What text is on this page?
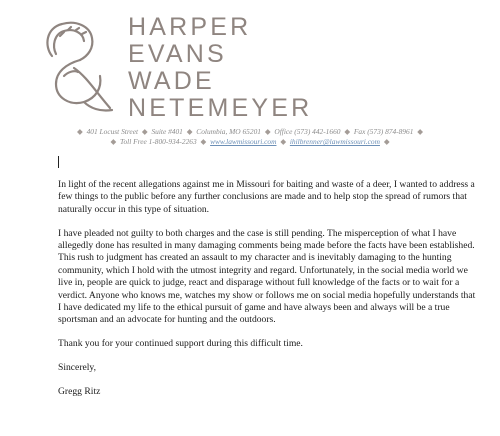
HARPER
EVANS
WADE
NETEMEYER
◆ 401 Locust Street ◆ Suite #401 ◆ Columbia, MO 65201 ◆ Office (573) 442-1660 ◆ Fax (573) 874-8961 ◆
◆ Toll Free 1-800-934-2263 ◆ www.lawmissouri.com ◆ ihilbrenner@lawmissouri.com ◆

In light of the recent allegations against me in Missouri for baiting and waste of a deer, I wanted to address a few things to the public before any further conclusions are made and to help stop the spread of rumors that naturally occur in this type of situation.

I have pleaded not guilty to both charges and the case is still pending. The misperception of what I have allegedly done has resulted in many damaging comments being made before the facts have been established. This rush to judgment has created an assault to my character and is inevitably damaging to the hunting community, which I hold with the utmost integrity and regard. Unfortunately, in the social media world we live in, people are quick to judge, react and disparage without full knowledge of the facts or to wait for a verdict. Anyone who knows me, watches my show or follows me on social media hopefully understands that I have dedicated my life to the ethical pursuit of game and have always been and always will be a true sportsman and an advocate for hunting and the outdoors.

Thank you for your continued support during this difficult time.

Sincerely,

Gregg Ritz
